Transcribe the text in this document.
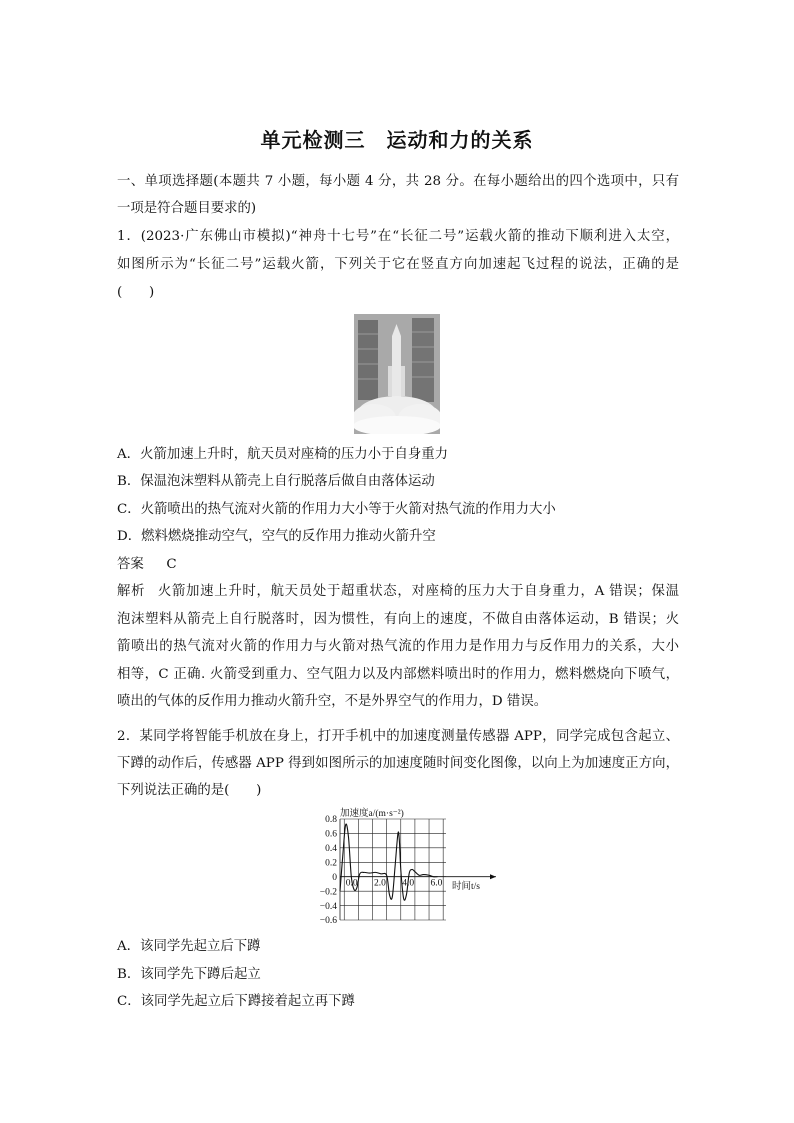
单元检测三　运动和力的关系
一、单项选择题(本题共 7 小题，每小题 4 分，共 28 分。在每小题给出的四个选项中，只有
一项是符合题目要求的)
1．(2023·广东佛山市模拟)“神舟十七号”在“长征二号”运载火箭的推动下顺利进入太空，
如图所示为“长征二号”运载火箭，下列关于它在竖直方向加速起飞过程的说法，正确的是
(　　)
A．火箭加速上升时，航天员对座椅的压力小于自身重力
B．保温泡沫塑料从箭壳上自行脱落后做自由落体运动
C．火箭喷出的热气流对火箭的作用力大小等于火箭对热气流的作用力大小
D．燃料燃烧推动空气，空气的反作用力推动火箭升空
答案 C
解析 火箭加速上升时，航天员处于超重状态，对座椅的压力大于自身重力，A 错误；保温
泡沫塑料从箭壳上自行脱落时，因为惯性，有向上的速度，不做自由落体运动，B 错误；火
箭喷出的热气流对火箭的作用力与火箭对热气流的作用力是作用力与反作用力的关系，大小
相等，C 正确. 火箭受到重力、空气阻力以及内部燃料喷出时的作用力，燃料燃烧向下喷气，
喷出的气体的反作用力推动火箭升空，不是外界空气的作用力，D 错误。
2．某同学将智能手机放在身上，打开手机中的加速度测量传感器 APP，同学完成包含起立、
下蹲的动作后，传感器 APP 得到如图所示的加速度随时间变化图像，以向上为加速度正方向，
下列说法正确的是(　　)
0.8
0.6
0.4
0.2
0
−0.2
−0.4
−0.6
0.0 2.0 4.0 6.0
加速度a/(m·s⁻²)
时间t/s
A．该同学先起立后下蹲
B．该同学先下蹲后起立
C．该同学先起立后下蹲接着起立再下蹲
